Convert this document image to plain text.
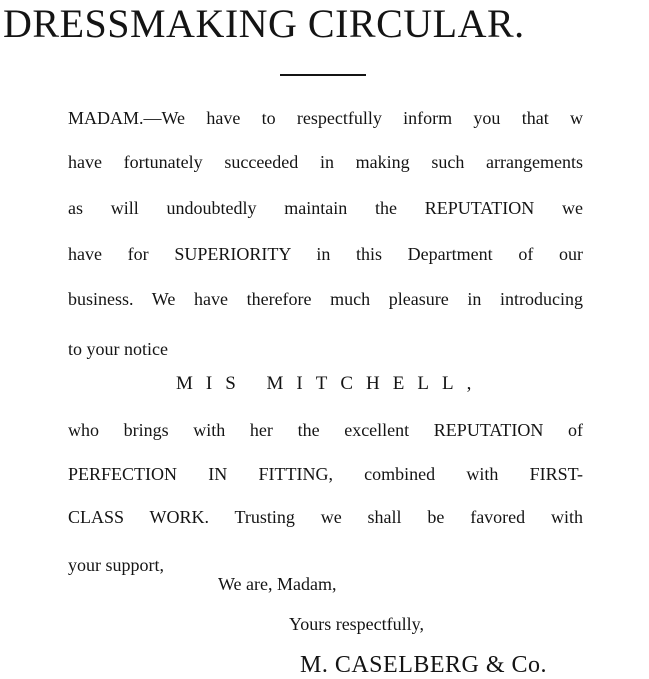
DRESSMAKING CIRCULAR.
MADAM.—We have to respectfully inform you that w
have fortunately succeeded in making such arrangements
as will undoubtedly maintain the REPUTATION we
have for SUPERIORITY in this Department of our
business. We have therefore much pleasure in introducing
to your notice
MIS MITCHELL,
who brings with her the excellent REPUTATION of
PERFECTION IN FITTING, combined with FIRST-
CLASS WORK. Trusting we shall be favored with
your support,
We are, Madam,
Yours respectfully,
M. CASELBERG & Co.
